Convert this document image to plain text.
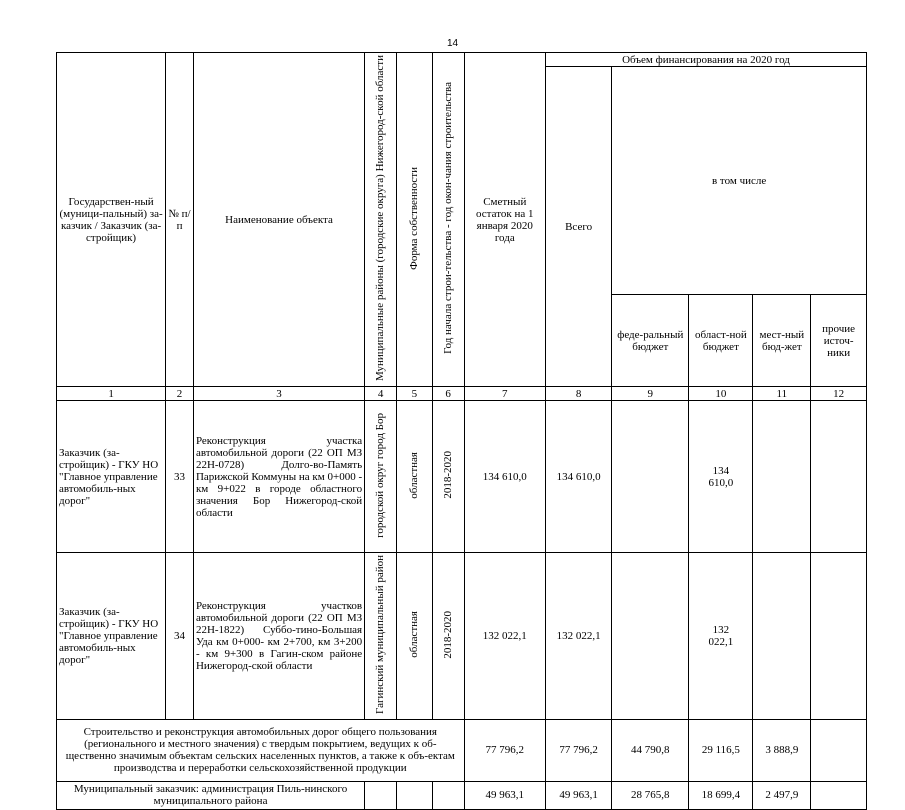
14
Государствен-ный (муници-пальный) за-казчик / Заказчик (за-стройщик)	№ п/п	Наименование объекта	Муниципальные районы (городские округа) Нижегород-ской области	Форма собственности	Год начала строи-тельства - год окон-чания строительства	Сметный остаток на 1 января 2020 года	Объем финансирования на 2020 год				
							Всего	в том числе			
								феде-ральный бюджет	област-ной бюджет	мест-ный бюд-жет	прочие источ-ники
1	2	3	4	5	6	7	8	9	10	11	12
Заказчик (за-стройщик) - ГКУ НО "Главное управление автомобиль-ных дорог"	33	Реконструкция участка автомобильной дороги (22 ОП МЗ 22Н-0728) Долго-во-Память Парижской Коммуны на км 0+000 - км 9+022 в городе областного значения Бор Нижегород-ской области	городской округ город Бор	областная	2018-2020	134 610,0	134 610,0		134 610,0		
Заказчик (за-стройщик) - ГКУ НО "Главное управление автомобиль-ных дорог"	34	Реконструкция участков автомобильной дороги (22 ОП МЗ 22Н-1822) Суббо-тино-Большая Уда км 0+000- км 2+700, км 3+200 - км 9+300 в Гагин-ском районе Нижегород-ской области	Гагинский муниципальный район	областная	2018-2020	132 022,1	132 022,1		132 022,1		
Строительство и реконструкция автомобильных дорог общего пользования (регионального и местного значения) с твердым покрытием, ведущих к об-щественно значимым объектам сельских населенных пунктов, а также к объ-ектам производства и переработки сельскохозяйственной продукции						77 796,2	77 796,2	44 790,8	29 116,5	3 888,9	
Муниципальный заказчик: администрация Пиль-нинского муниципального района						49 963,1	49 963,1	28 765,8	18 699,4	2 497,9	
